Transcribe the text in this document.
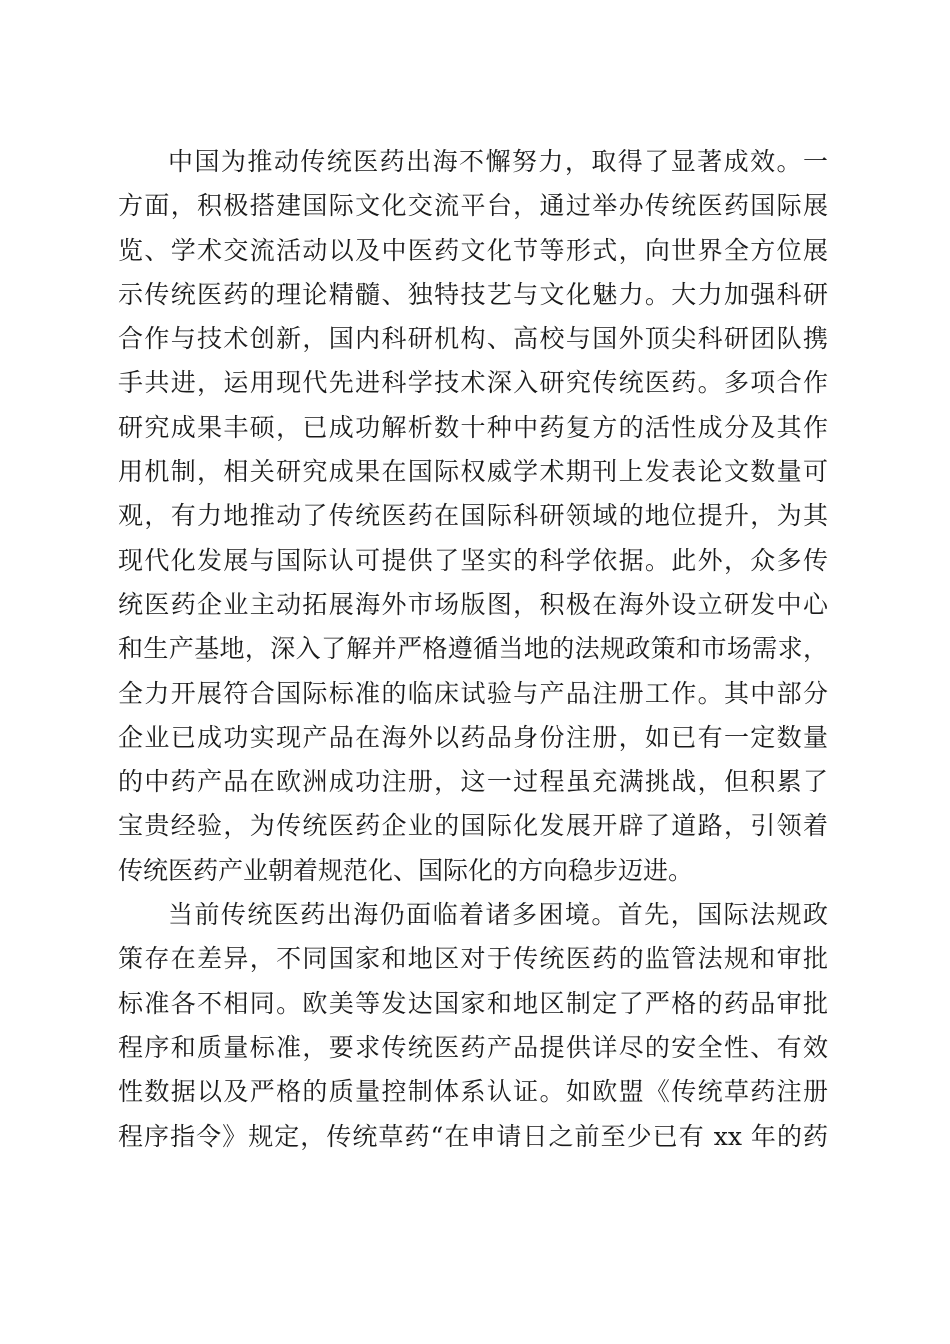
中国为推动传统医药出海不懈努力，取得了显著成效。一
方面，积极搭建国际文化交流平台，通过举办传统医药国际展
览、学术交流活动以及中医药文化节等形式，向世界全方位展
示传统医药的理论精髓、独特技艺与文化魅力。大力加强科研
合作与技术创新，国内科研机构、高校与国外顶尖科研团队携
手共进，运用现代先进科学技术深入研究传统医药。多项合作
研究成果丰硕，已成功解析数十种中药复方的活性成分及其作
用机制，相关研究成果在国际权威学术期刊上发表论文数量可
观，有力地推动了传统医药在国际科研领域的地位提升，为其
现代化发展与国际认可提供了坚实的科学依据。此外，众多传
统医药企业主动拓展海外市场版图，积极在海外设立研发中心
和生产基地，深入了解并严格遵循当地的法规政策和市场需求，
全力开展符合国际标准的临床试验与产品注册工作。其中部分
企业已成功实现产品在海外以药品身份注册，如已有一定数量
的中药产品在欧洲成功注册，这一过程虽充满挑战，但积累了
宝贵经验，为传统医药企业的国际化发展开辟了道路，引领着
传统医药产业朝着规范化、国际化的方向稳步迈进。

当前传统医药出海仍面临着诸多困境。首先，国际法规政
策存在差异，不同国家和地区对于传统医药的监管法规和审批
标准各不相同。欧美等发达国家和地区制定了严格的药品审批
程序和质量标准，要求传统医药产品提供详尽的安全性、有效
性数据以及严格的质量控制体系认证。如欧盟《传统草药注册
程序指令》规定，传统草药“在申请日之前至少已有 xx 年的药
